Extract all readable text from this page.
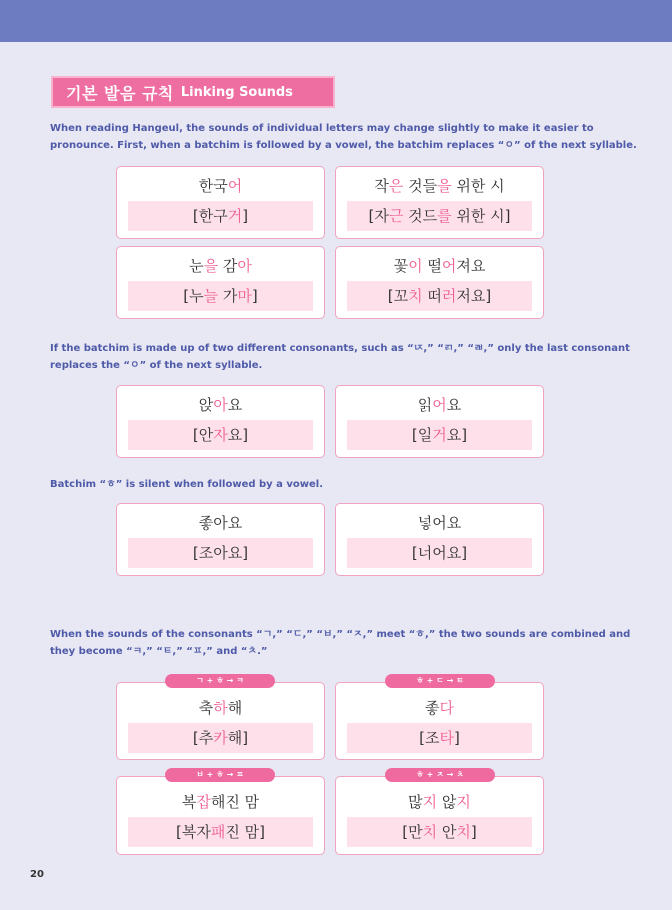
기본 발음 규칙 Linking Sounds
When reading Hangeul, the sounds of individual letters may change slightly to make it easier to
pronounce. First, when a batchim is followed by a vowel, the batchim replaces “ㅇ” of the next syllable.
한국어
[한구거]
작은 것들을 위한 시
[자근 것드를 위한 시]
눈을 감아
[누늘 가마]
꽃이 떨어져요
[꼬치 떠러저요]
If the batchim is made up of two different consonants, such as “ㄵ,” “ㄺ,” “ㄼ,” only the last consonant
replaces the “ㅇ” of the next syllable.
앉아요
[안자요]
읽어요
[일거요]
Batchim “ㅎ” is silent when followed by a vowel.
좋아요
[조아요]
넣어요
[너어요]
When the sounds of the consonants “ㄱ,” “ㄷ,” “ㅂ,” “ㅈ,” meet “ㅎ,” the two sounds are combined and
they become “ㅋ,” “ㅌ,” “ㅍ,” and “ㅊ.”
축하해
[추카해]
좋다
[조타]
ㄱ + ㅎ → ㅋ	ㅎ + ㄷ → ㅌ
복잡해진 맘
[복자패진 맘]
많지 않지
[만치 안치]
ㅂ + ㅎ → ㅍ	ㅎ + ㅈ → ㅊ
20
